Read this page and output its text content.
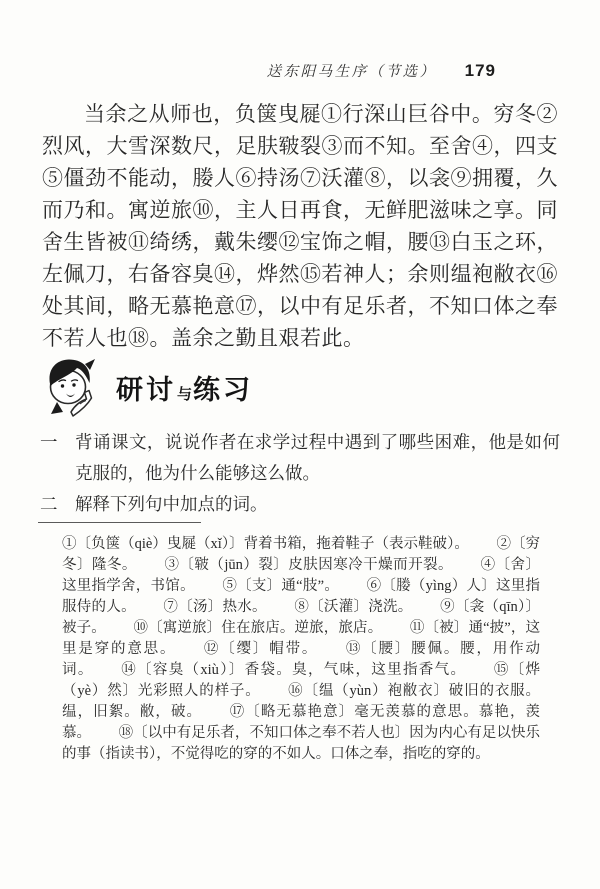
送东阳马生序（节选） 179

当余之从师也，负箧曳屣①行深山巨谷中。穷冬②烈风，大雪深数尺，足肤皲裂③而不知。至舍④，四支⑤僵劲不能动，媵人⑥持汤⑦沃灌⑧，以衾⑨拥覆，久而乃和。寓逆旅⑩，主人日再食，无鲜肥滋味之享。同舍生皆被⑪绮绣，戴朱缨⑫宝饰之帽，腰⑬白玉之环，左佩刀，右备容臭⑭，烨然⑮若神人；余则缊袍敝衣⑯处其间，略无慕艳意⑰，以中有足乐者，不知口体之奉不若人也⑱。盖余之勤且艰若此。

研讨与练习
一 背诵课文，说说作者在求学过程中遇到了哪些困难，他是如何克服的，他为什么能够这么做。
二 解释下列句中加点的词。
①〔负箧（qiè）曳屣（xǐ）〕背着书箱，拖着鞋子（表示鞋破）。 ②〔穷冬〕隆冬。 ③〔皲（jūn）裂〕皮肤因寒冷干燥而开裂。 ④〔舍〕这里指学舍，书馆。 ⑤〔支〕通“肢”。 ⑥〔媵（yìng）人〕这里指服侍的人。 ⑦〔汤〕热水。 ⑧〔沃灌〕浇洗。 ⑨〔衾（qīn）〕被子。 ⑩〔寓逆旅〕住在旅店。逆旅，旅店。 ⑪〔被〕通“披”，这里是穿的意思。 ⑫〔缨〕帽带。 ⑬〔腰〕腰佩。腰，用作动词。 ⑭〔容臭（xiù）〕香袋。臭，气味，这里指香气。 ⑮〔烨（yè）然〕光彩照人的样子。 ⑯〔缊（yùn）袍敝衣〕破旧的衣服。缊，旧絮。敝，破。 ⑰〔略无慕艳意〕毫无羡慕的意思。慕艳，羡慕。 ⑱〔以中有足乐者，不知口体之奉不若人也〕因为内心有足以快乐的事（指读书），不觉得吃的穿的不如人。口体之奉，指吃的穿的。
